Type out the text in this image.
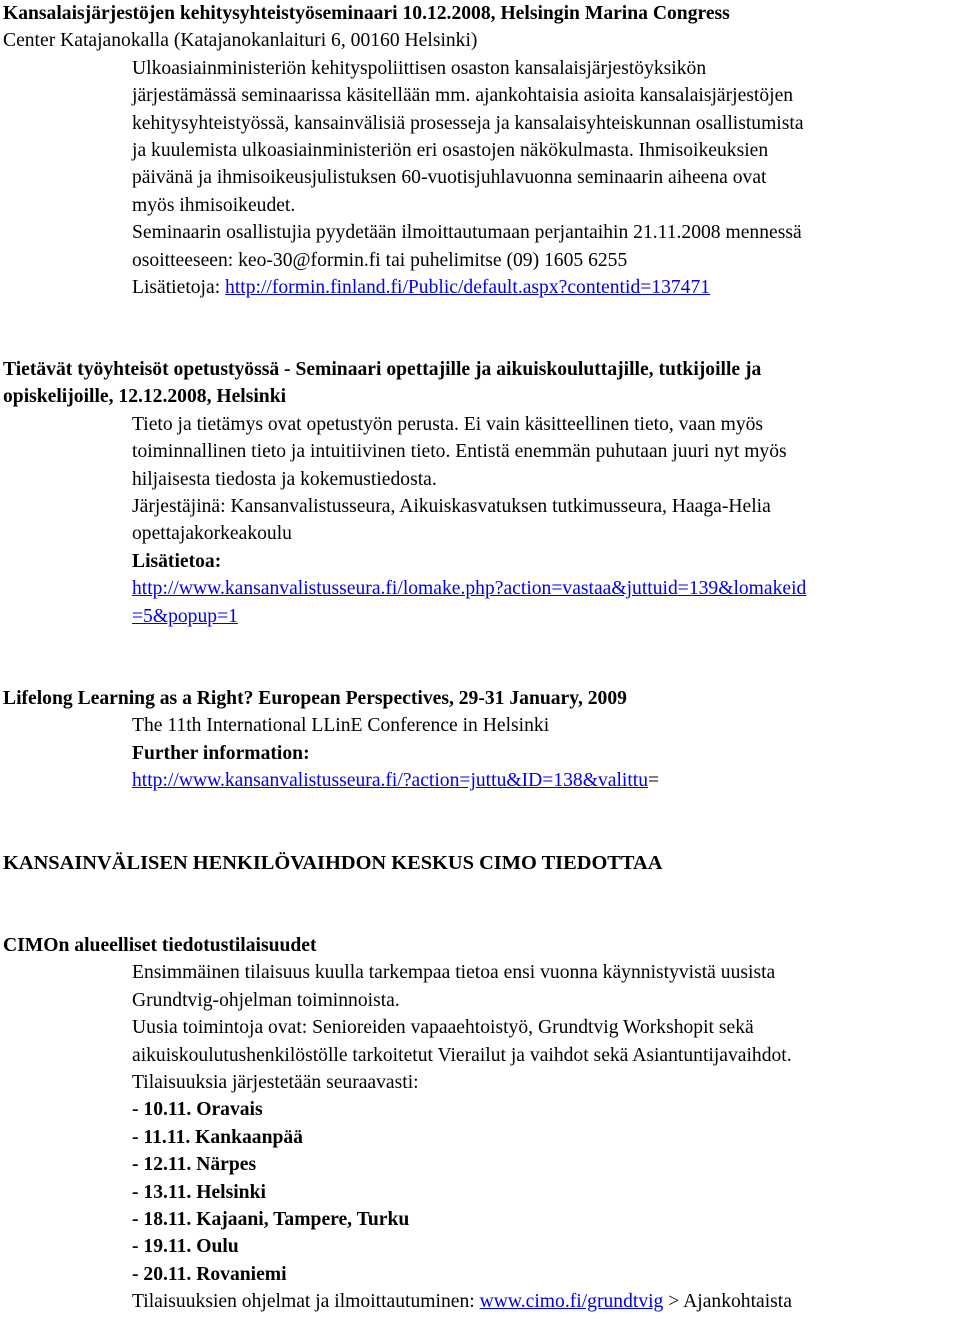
Kansalaisjärjestöjen kehitysyhteistyöseminaari 10.12.2008, Helsingin Marina Congress
Center Katajanokalla (Katajanokanlaituri 6, 00160 Helsinki)
Ulkoasiainministeriön kehityspoliittisen osaston kansalaisjärjestöyksikön
järjestämässä seminaarissa käsitellään mm. ajankohtaisia asioita kansalaisjärjestöjen
kehitysyhteistyössä, kansainvälisiä prosesseja ja kansalaisyhteiskunnan osallistumista
ja kuulemista ulkoasiainministeriön eri osastojen näkökulmasta. Ihmisoikeuksien
päivänä ja ihmisoikeusjulistuksen 60-vuotisjuhlavuonna seminaarin aiheena ovat
myös ihmisoikeudet.
Seminaarin osallistujia pyydetään ilmoittautumaan perjantaihin 21.11.2008 mennessä
osoitteeseen: keo-30@formin.fi tai puhelimitse (09) 1605 6255
Lisätietoja: http://formin.finland.fi/Public/default.aspx?contentid=137471
Tietävät työyhteisöt opetustyössä - Seminaari opettajille ja aikuiskouluttajille, tutkijoille ja
opiskelijoille, 12.12.2008, Helsinki
Tieto ja tietämys ovat opetustyön perusta. Ei vain käsitteellinen tieto, vaan myös
toiminnallinen tieto ja intuitiivinen tieto. Entistä enemmän puhutaan juuri nyt myös
hiljaisesta tiedosta ja kokemustiedosta.
Järjestäjinä: Kansanvalistusseura, Aikuiskasvatuksen tutkimusseura, Haaga-Helia
opettajakorkeakoulu
Lisätietoa:
http://www.kansanvalistusseura.fi/lomake.php?action=vastaa&juttuid=139&lomakeid
=5&popup=1
Lifelong Learning as a Right? European Perspectives, 29-31 January, 2009
The 11th International LLinE Conference in Helsinki
Further information:
http://www.kansanvalistusseura.fi/?action=juttu&ID=138&valittu=
KANSAINVÄLISEN HENKILÖVAIHDON KESKUS CIMO TIEDOTTAA
CIMOn alueelliset tiedotustilaisuudet
Ensimmäinen tilaisuus kuulla tarkempaa tietoa ensi vuonna käynnistyvistä uusista
Grundtvig-ohjelman toiminnoista.
Uusia toimintoja ovat: Senioreiden vapaaehtoistyö, Grundtvig Workshopit sekä
aikuiskoulutushenkilöstölle tarkoitetut Vierailut ja vaihdot sekä Asiantuntijavaihdot.
Tilaisuuksia järjestetään seuraavasti:
- 10.11. Oravais
- 11.11. Kankaanpää
- 12.11. Närpes
- 13.11. Helsinki
- 18.11. Kajaani, Tampere, Turku
- 19.11. Oulu
- 20.11. Rovaniemi
Tilaisuuksien ohjelmat ja ilmoittautuminen: www.cimo.fi/grundtvig > Ajankohtaista
